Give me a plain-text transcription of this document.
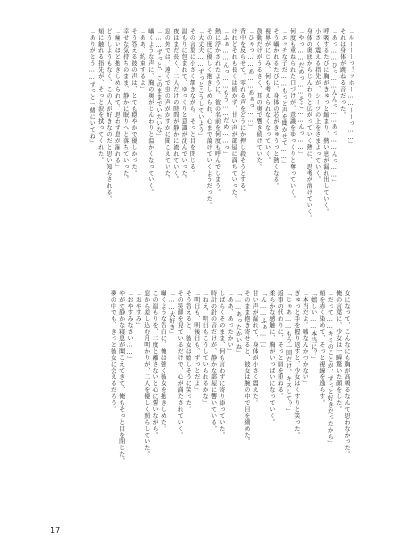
「ルーーーっ！ッホー……ーーっ……」

それは身体が跳ねる音だった。

「あっ……ひっ……んんっ……あっ……んっ……」

呼吸するたびに胸がきゅっと縮まり、熱い息が漏れ出していく。

小さく震える指先が、シーツの上をさまよっていく。

身体の奥底からじんわりと広がっていく熱に、思考が溶けていく。

「やっ……だめっ……そこ……んっ……」

何度も重ねられた口づけが、意識をゆっくりと奪っていく。

「エッチな子だ……もっと声を聞かせて……」

そう囁かれるたびに、身体の芯がきゅうっと熱くなる。

視界がにじみ、何も考えられなくなっていく。

鼓動だけがうるさく、耳の奥で響き続けていた。

「ひゃっ……あ……あぁっ……」

背中を反らせて、零れる声をどうにか押し殺そうとする。

けれどそれも長くは続かず、甘い声が部屋に満ちていった。

「ふぁ……んっ……もう……だめ……っ」

熱に浮かされたように、彼の名前を何度も呼んでしまう。

その度に優しく抱きしめられ、心まで蕩けていくようだった。

「大丈夫……ずっとこうしていよう」

その言葉に小さく頷きながら、そっと目を閉じる。

温もりに包まれて、ゆっくりと意識が沈んでいった。

夜はまだ長く、二人だけの時間が静かに流れていく。

窓の外では、遠くで虫の声がかすかに聞こえていた。

「……ずっと、このままでいたいな」

囁くような声に、胸の奥がじんわりと温かくなっていく。

「ああ、約束するよ」

そう答える彼の声は、とても穏やかで優しかった。

幸せな気持ちのまま、静かに眠りへと落ちていった。

「痛いほど抱きしめられて、思わず息が漏れる」

どうしようもなく、この人が好きなのだと思い知らされる。

頬に触れる指先が、そっと涙を拭ってくれた。

「ありがとう……ずっと一緒にいてね」

女になって、こんなにも胸が高鳴るなんて思わなかった。

俺の言葉に、少女は一瞬驚いた顔をした。

「だって……キミのことが、ずっと好きだったから」

頬を赤く染めて、そっと視線を逸らす。

「嬉しい……本当に？」

「本当だよ。嘘なんかつかない」

ぎゅっと手を握り返すと、少女はくすりと笑った。

「じゃあ……もう一回だけ、キスして？」

返事の代わりに、そっと唇を重ねる。

柔らかな感触に、胸がいっぱいになっていく。

「ん……ふぁ……」

甘い声が漏れて、身体が小さく震えた。

そのまま抱き寄せると、彼女は腕の中で目を細めた。

「……あったかいね」

「ああ、あったかい」

しばらくそのまま、何も言わずに寄り添っていた。

時計の針の音だけが、静かな部屋に響いている。

「ねえ、明日もこうしていられるかな」

「明日も、明後日も、ずっとだよ」

そう答えると、彼女は嬉しそうに笑った。

その笑顔を見ているだけで、心が満たされていく。

「……大好き」

囁くような告白に、俺は強く彼女を抱きしめた。

この温もりを、二度と離さないと心に誓いながら。

窓から差し込む月明かりが、二人を優しく照らしていた。

「おやすみ」

「おやすみなさい……」

やがて静かな寝息が聞こえてきて、俺もそっと目を閉じた。

夢の中でも、きっと彼女に会えるだろう。

17
